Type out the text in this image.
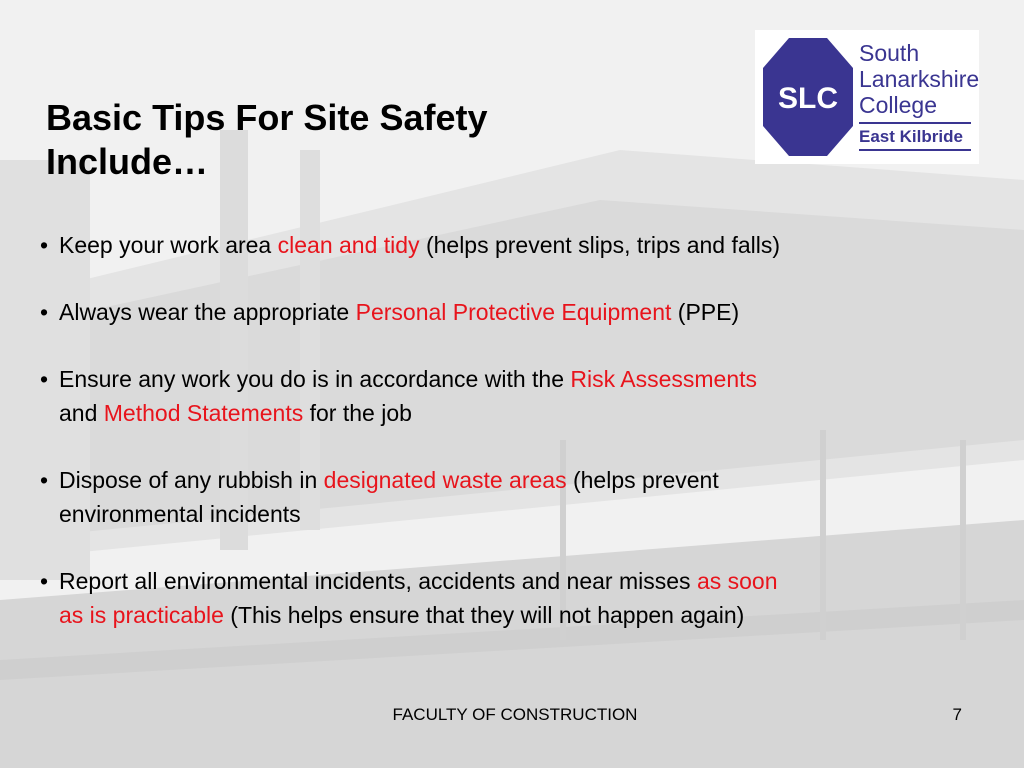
Basic Tips For Site Safety
Include…
SLC
South
Lanarkshire
College
East Kilbride
• Keep your work area clean and tidy (helps prevent slips, trips and falls)
• Always wear the appropriate Personal Protective Equipment (PPE)
• Ensure any work you do is in accordance with the Risk Assessments
and Method Statements for the job
• Dispose of any rubbish in designated waste areas (helps prevent
environmental incidents
• Report all environmental incidents, accidents and near misses as soon
as is practicable (This helps ensure that they will not happen again)
FACULTY OF CONSTRUCTION	7
